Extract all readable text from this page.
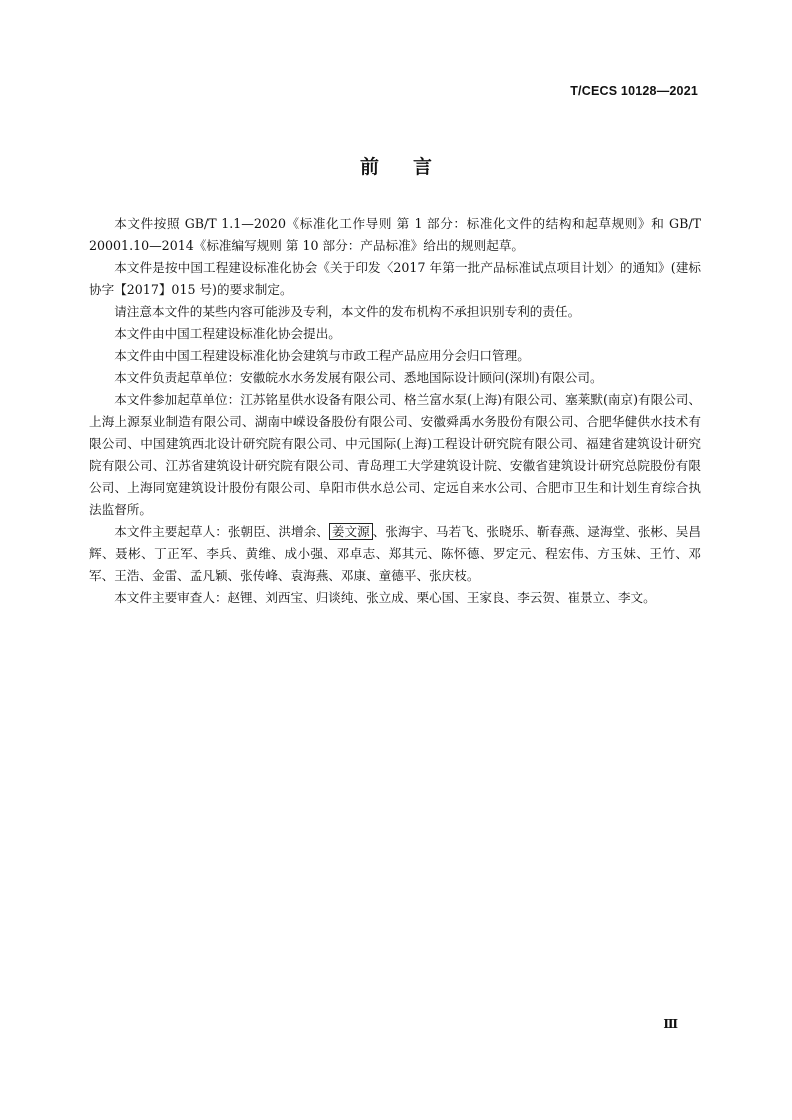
T/CECS 10128—2021
前言

本文件按照 GB/T 1.1—2020《标准化工作导则 第 1 部分：标准化文件的结构和起草规则》和 GB/T 20001.10—2014《标准编写规则 第 10 部分：产品标准》给出的规则起草。

本文件是按中国工程建设标准化协会《关于印发〈2017 年第一批产品标准试点项目计划〉的通知》(建标协字【2017】015 号)的要求制定。

请注意本文件的某些内容可能涉及专利，本文件的发布机构不承担识别专利的责任。

本文件由中国工程建设标准化协会提出。

本文件由中国工程建设标准化协会建筑与市政工程产品应用分会归口管理。

本文件负责起草单位：安徽皖水水务发展有限公司、悉地国际设计顾问(深圳)有限公司。

本文件参加起草单位：江苏铭星供水设备有限公司、格兰富水泵(上海)有限公司、塞莱默(南京)有限公司、上海上源泵业制造有限公司、湖南中嵘设备股份有限公司、安徽舜禹水务股份有限公司、合肥华健供水技术有限公司、中国建筑西北设计研究院有限公司、中元国际(上海)工程设计研究院有限公司、福建省建筑设计研究院有限公司、江苏省建筑设计研究院有限公司、青岛理工大学建筑设计院、安徽省建筑设计研究总院股份有限公司、上海同宽建筑设计股份有限公司、阜阳市供水总公司、定远自来水公司、合肥市卫生和计划生育综合执法监督所。

本文件主要起草人：张朝臣、洪增余、 姜文源 、张海宇、马若飞、张晓乐、靳春燕、逯海堂、张彬、吴昌辉、聂彬、丁正军、李兵、黄维、成小强、邓卓志、郑其元、陈怀德、罗定元、程宏伟、方玉妹、王竹、邓军、王浩、金雷、孟凡颖、张传峰、袁海燕、邓康、童德平、张庆枝。

本文件主要审查人：赵锂、刘西宝、归谈纯、张立成、栗心国、王家良、李云贺、崔景立、李文。

Ⅲ
